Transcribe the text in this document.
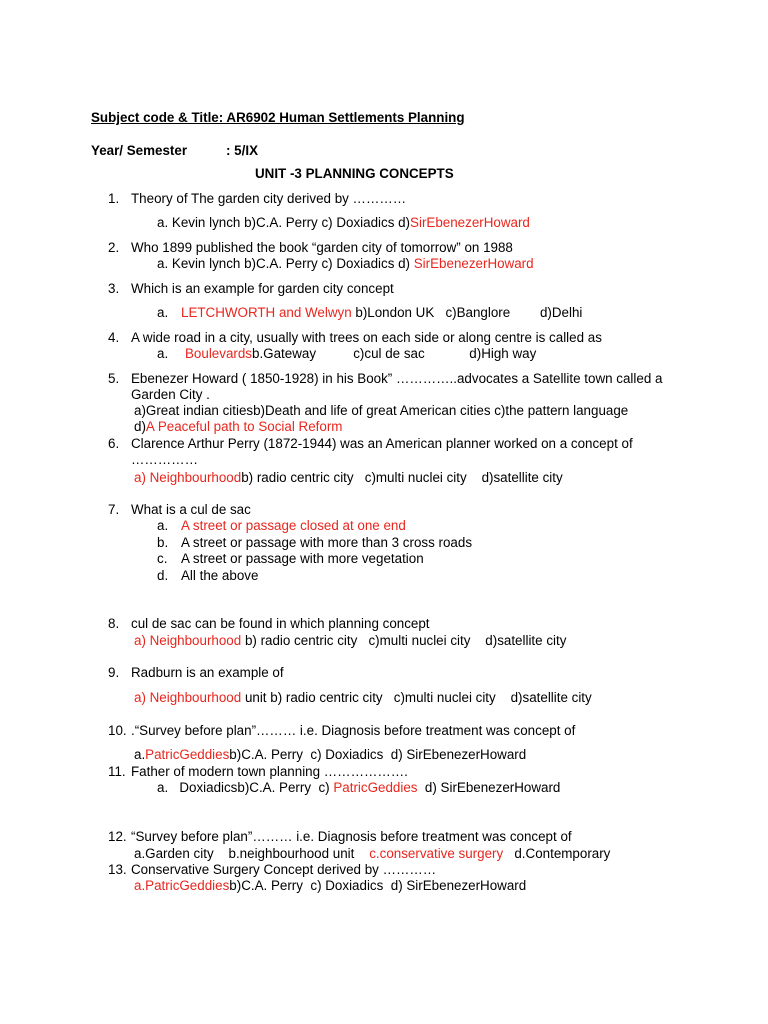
Subject code & Title: AR6902 Human Settlements Planning
Year/ Semester	: 5/IX
UNIT -3 PLANNING CONCEPTS
1. Theory of The garden city derived by …………
a. Kevin lynch b)C.A. Perry c) Doxiadics d)SirEbenezerHoward
2. Who 1899 published the book “garden city of tomorrow” on 1988
a. Kevin lynch b)C.A. Perry c) Doxiadics d) SirEbenezerHoward
3. Which is an example for garden city concept
a. LETCHWORTH and Welwyn b)London UK   c)Banglore        d)Delhi
4. A wide road in a city, usually with trees on each side or along centre is called as
a. Boulevardsb.Gateway          c)cul de sac            d)High way
5. Ebenezer Howard ( 1850-1928) in his Book” …………..advocates a Satellite town called a
Garden City .
a)Great indian citiesb)Death and life of great American cities c)the pattern language
d)A Peaceful path to Social Reform
6. Clarence Arthur Perry (1872-1944) was an American planner worked on a concept of
……………
a) Neighbourhoodb) radio centric city   c)multi nuclei city    d)satellite city
7. What is a cul de sac
a. A street or passage closed at one end
b. A street or passage with more than 3 cross roads
c. A street or passage with more vegetation
d. All the above
8. cul de sac can be found in which planning concept
a) Neighbourhood b) radio centric city   c)multi nuclei city    d)satellite city
9. Radburn is an example of
a) Neighbourhood unit b) radio centric city   c)multi nuclei city    d)satellite city
10. .“Survey before plan”……… i.e. Diagnosis before treatment was concept of
a.PatricGeddiesb)C.A. Perry  c) Doxiadics  d) SirEbenezerHoward
11. Father of modern town planning ……………….
a.   Doxiadicsb)C.A. Perry  c) PatricGeddies  d) SirEbenezerHoward
12. “Survey before plan”……… i.e. Diagnosis before treatment was concept of
a.Garden city    b.neighbourhood unit    c.conservative surgery   d.Contemporary
13. Conservative Surgery Concept derived by …………
a.PatricGeddiesb)C.A. Perry  c) Doxiadics  d) SirEbenezerHoward
